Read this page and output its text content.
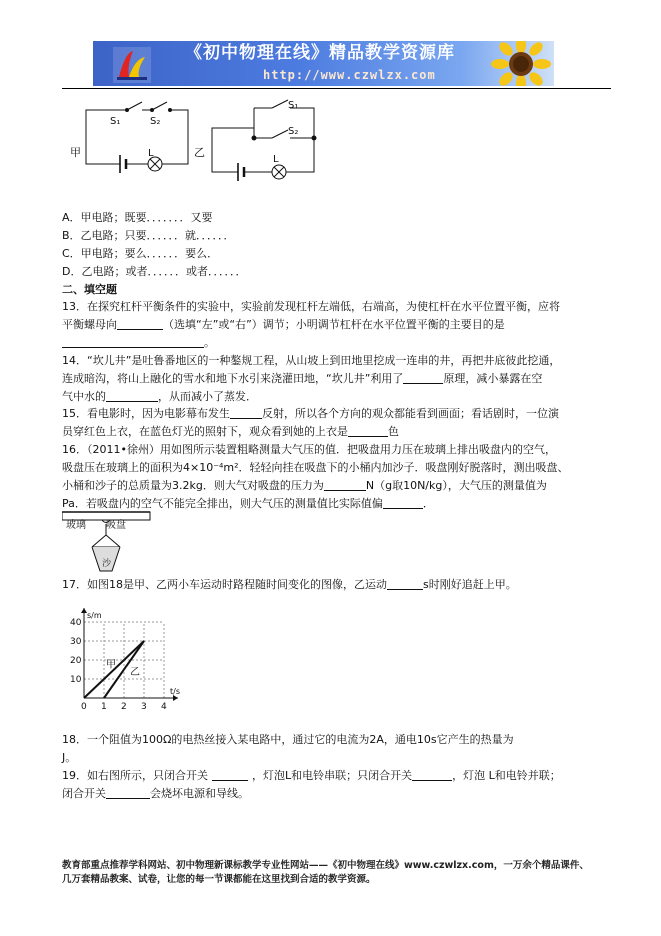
《初中物理在线》精品教学资源库
http://www.czwlzx.com
S₁	S₂
L
甲	乙
S₁
S₂
L
A．甲电路；既要．．．．．．．又要
B．乙电路；只要．．．．．．就．．．．．．
C．甲电路；要么．．．．．．要么．
D．乙电路；或者．．．．．．或者．．．．．．
二、填空题
13．在探究杠杆平衡条件的实验中，实验前发现杠杆左端低，右端高，为使杠杆在水平位置平衡，应将
平衡螺母向	（选填“左”或“右”）调节；小明调节杠杆在水平位置平衡的主要目的是
。
14．“坎儿井”是吐鲁番地区的一种鏊规工程，从山坡上到田地里挖成一连串的井，再把井底彼此挖通，
连成暗沟，将山上融化的雪水和地下水引来浇灌田地，“坎儿井”利用了	原理，减小暴露在空
气中水的	，从而减小了蒸发．
15．看电影时，因为电影幕布发生	反射，所以各个方向的观众都能看到画面；看话剧时，一位演
员穿红色上衣，在蓝色灯光的照射下，观众看到她的上衣是	色
16．（2011•徐州）用如图所示装置粗略测量大气压的值．把吸盘用力压在玻璃上排出吸盘内的空气，
吸盘压在玻璃上的面积为4×10⁻⁴m²．轻轻向挂在吸盘下的小桶内加沙子．吸盘刚好脱落时，测出吸盘、
小桶和沙子的总质量为3.2kg．则大气对吸盘的压力为	N（g取10N/kg），大气压的测量值为
Pa．若吸盘内的空气不能完全排出，则大气压的测量值比实际值偏	．
玻璃 吸盘
沙
17．如图18是甲、乙两小车运动时路程随时间变化的图像，乙运动	s时刚好追赶上甲。
0 1 2 3 4
10
20
30
40
t/s
s/m
甲
乙
18．一个阻值为100Ω的电热丝接入某电路中，通过它的电流为2A，通电10s它产生的热量为
J。
19．如右图所示，只闭合开关	，灯泡L和电铃串联；只闭合开关	，灯泡 L和电铃并联；
闭合开关	会烧坏电源和导线。
教育部重点推荐学科网站、初中物理新课标教学专业性网站——《初中物理在线》www.czwlzx.com，一万余个精品课件、
几万套精品教案、试卷，让您的每一节课都能在这里找到合适的教学资源。
